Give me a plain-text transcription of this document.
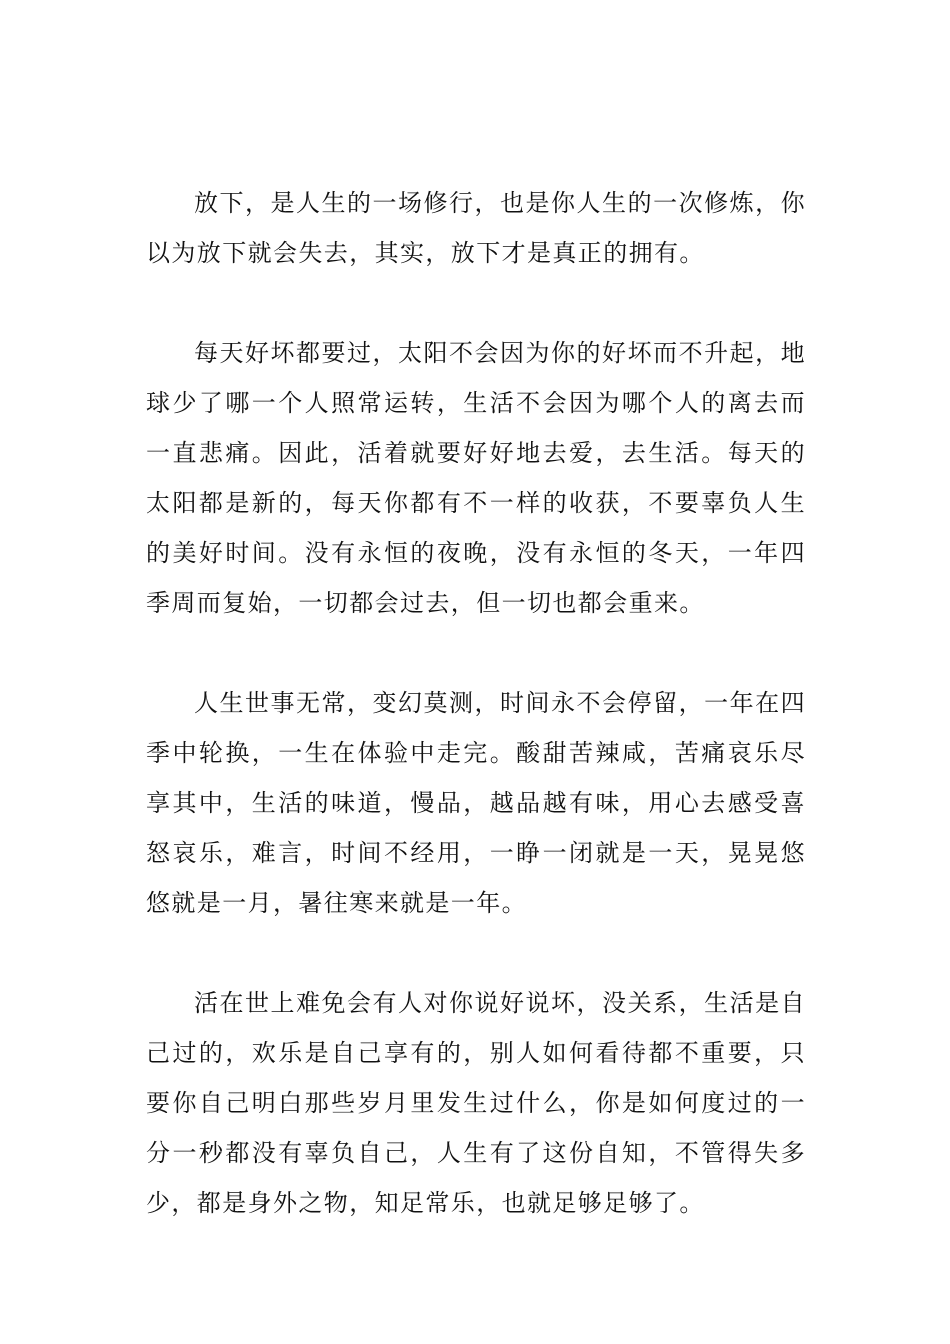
放下，是人生的一场修行，也是你人生的一次修炼，你以为放下就会失去，其实，放下才是真正的拥有。

每天好坏都要过，太阳不会因为你的好坏而不升起，地球少了哪一个人照常运转，生活不会因为哪个人的离去而一直悲痛。因此，活着就要好好地去爱，去生活。每天的太阳都是新的，每天你都有不一样的收获，不要辜负人生的美好时间。没有永恒的夜晚，没有永恒的冬天，一年四季周而复始，一切都会过去，但一切也都会重来。

人生世事无常，变幻莫测，时间永不会停留，一年在四季中轮换，一生在体验中走完。酸甜苦辣咸，苦痛哀乐尽享其中，生活的味道，慢品，越品越有味，用心去感受喜怒哀乐，难言，时间不经用，一睁一闭就是一天，晃晃悠悠就是一月，暑往寒来就是一年。

活在世上难免会有人对你说好说坏，没关系，生活是自己过的，欢乐是自己享有的，别人如何看待都不重要，只要你自己明白那些岁月里发生过什么，你是如何度过的一分一秒都没有辜负自己，人生有了这份自知，不管得失多少，都是身外之物，知足常乐，也就足够足够了。
